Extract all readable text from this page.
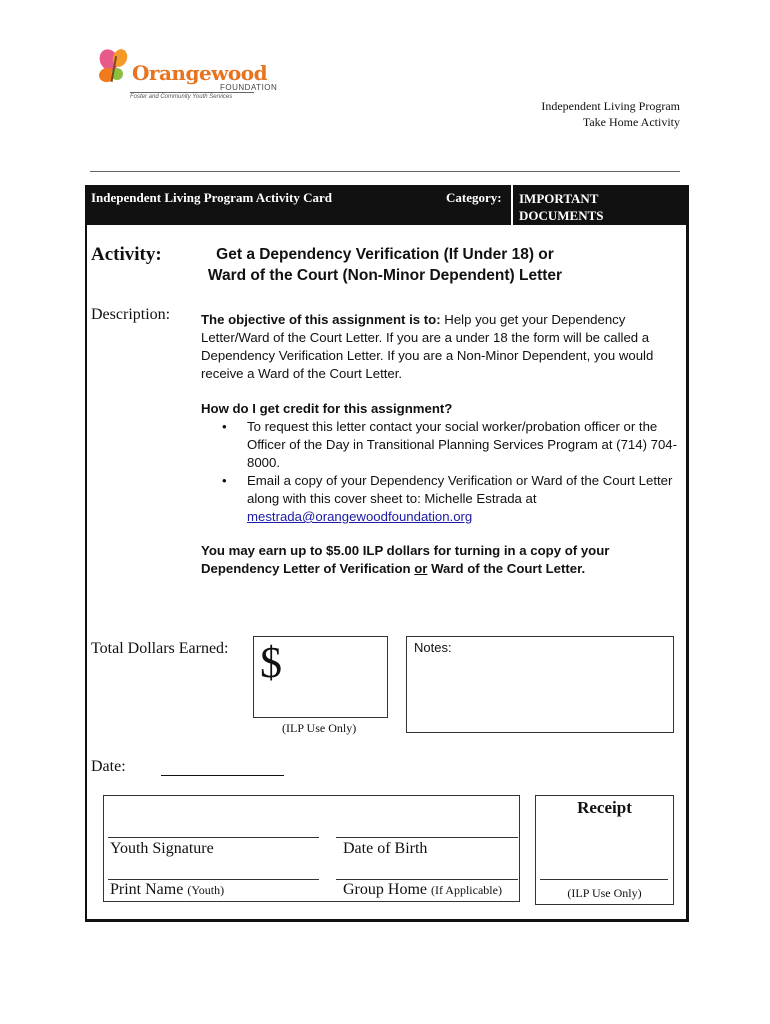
Orangewood
FOUNDATION
Foster and Community Youth Services
Independent Living Program
Take Home Activity
Independent Living Program Activity Card	Category: IMPORTANT DOCUMENTS
Activity:	Get a Dependency Verification (If Under 18) or
Ward of the Court (Non-Minor Dependent) Letter
Description: The objective of this assignment is to: Help you get your Dependency Letter/Ward of the Court Letter. If you are a under 18 the form will be called a Dependency Verification Letter. If you are a Non-Minor Dependent, you would receive a Ward of the Court Letter.

How do I get credit for this assignment?

• To request this letter contact your social worker/probation officer or the Officer of the Day in Transitional Planning Services Program at (714) 704-8000.
• Email a copy of your Dependency Verification or Ward of the Court Letter along with this cover sheet to: Michelle Estrada at
mestrada@orangewoodfoundation.org

You may earn up to $5.00 ILP dollars for turning in a copy of your Dependency Letter of Verification or Ward of the Court Letter.

Total Dollars Earned: $
(ILP Use Only)
Notes:
Date:
Youth Signature	Date of Birth
Print Name (Youth)	Group Home (If Applicable)
Receipt
(ILP Use Only)
